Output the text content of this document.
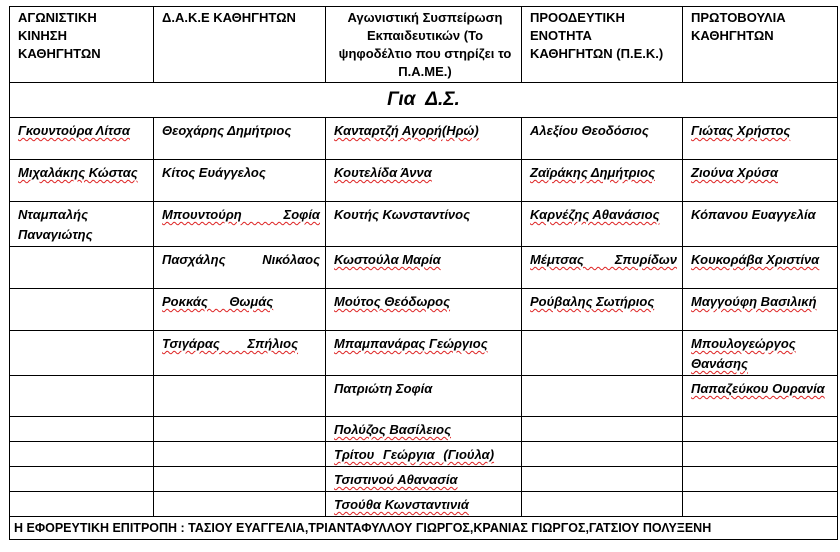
ΑΓΩΝΙΣΤΙΚΗ ΚΙΝΗΣΗ ΚΑΘΗΓΗΤΩΝ	Δ.Α.Κ.Ε ΚΑΘΗΓΗΤΩΝ	Αγωνιστική Συσπείρωση Εκπαιδευτικών (Το ψηφοδέλτιο που στηρίζει το Π.Α.ΜΕ.)	ΠΡΟΟΔΕΥΤΙΚΗ ΕΝΟΤΗΤΑ ΚΑΘΗΓΗΤΩΝ (Π.Ε.Κ.)	ΠΡΩΤΟΒΟΥΛΙΑ ΚΑΘΗΓΗΤΩΝ
Για  Δ.Σ.				
Γκουντούρα Λίτσα	Θεοχάρης Δημήτριος	Κανταρτζή Αγορή(Ηρώ)	Αλεξίου Θεοδόσιος	Γιώτας Χρήστος
Μιχαλάκης Κώστας	Κίτος Ευάγγελος	Κουτελίδα Άννα	Ζαϊράκης Δημήτριος	Ζιούνα Χρύσα
Νταμπαλής Παναγιώτης	Μπουντούρη Σοφία	Κουτής Κωνσταντίνος	Καρνέζης Αθανάσιος	Κόπανου Ευαγγελία

	Πασχάλης Νικόλαος	Κωστούλα Μαρία	Μέμτσας Σπυρίδων	Κουκοράβα Χριστίνα
	Ροκκάς Θωμάς	Μούτος Θεόδωρος	Ρούβαλης Σωτήριος	Μαγγούφη Βασιλική
	Τσιγάρας Σπήλιος	Μπαμπανάρας Γεώργιος		Μπουλογεώργος Θανάσης
		Πατριώτη Σοφία		Παπαζεύκου Ουρανία
		Πολύζος Βασίλειος		
		Τρίτου Γεώργια (Γιούλα)		
		Τσιστινού Αθανασία		
		Τσούθα Κωνσταντινιά		
Η ΕΦΟΡΕΥΤΙΚΗ ΕΠΙΤΡΟΠΗ : ΤΑΣΙΟΥ ΕΥΑΓΓΕΛΙΑ,ΤΡΙΑΝΤΑΦΥΛΛΟΥ ΓΙΩΡΓΟΣ,ΚΡΑΝΙΑΣ ΓΙΩΡΓΟΣ,ΓΑΤΣΙΟΥ ΠΟΛΥΞΕΝΗ				
